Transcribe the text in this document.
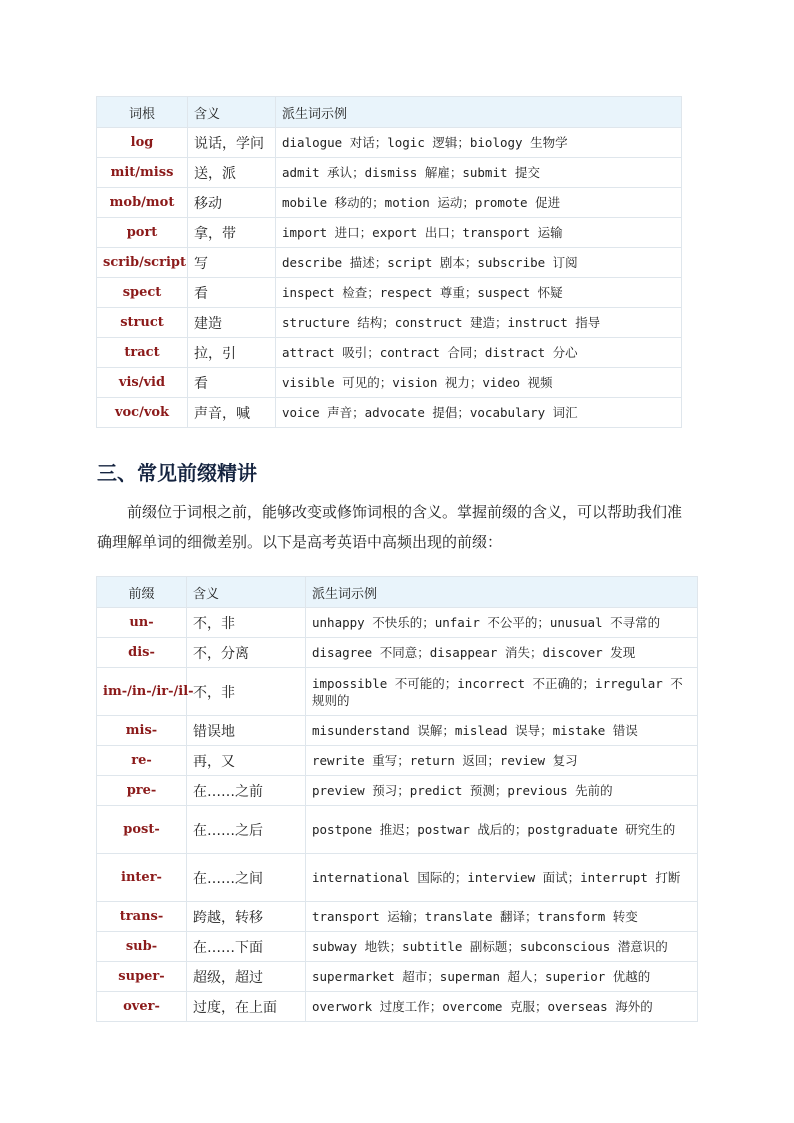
词根	含义	派生词示例
log	说话，学问	dialogue 对话；logic 逻辑；biology 生物学
mit/miss	送，派	admit 承认；dismiss 解雇；submit 提交
mob/mot	移动	mobile 移动的；motion 运动；promote 促进
port	拿，带	import 进口；export 出口；transport 运输
scrib/script	写	describe 描述；script 剧本；subscribe 订阅
spect	看	inspect 检查；respect 尊重；suspect 怀疑
struct	建造	structure 结构；construct 建造；instruct 指导
tract	拉，引	attract 吸引；contract 合同；distract 分心
vis/vid	看	visible 可见的；vision 视力；video 视频
voc/vok	声音，喊	voice 声音；advocate 提倡；vocabulary 词汇
三、常见前缀精讲

前缀位于词根之前，能够改变或修饰词根的含义。掌握前缀的含义，可以帮助我们准确理解单词的细微差别。以下是高考英语中高频出现的前缀：

前缀	含义	派生词示例
un-	不，非	unhappy 不快乐的；unfair 不公平的；unusual 不寻常的
dis-	不，分离	disagree 不同意；disappear 消失；discover 发现
im-/in-/ir-/il-	不，非	impossible 不可能的；incorrect 不正确的；irregular 不规则的
mis-	错误地	misunderstand 误解；mislead 误导；mistake 错误
re-	再，又	rewrite 重写；return 返回；review 复习
pre-	在……之前	preview 预习；predict 预测；previous 先前的
post-	在……之后	postpone 推迟；postwar 战后的；postgraduate 研究生的
inter-	在……之间	international 国际的；interview 面试；interrupt 打断
trans-	跨越，转移	transport 运输；translate 翻译；transform 转变
sub-	在……下面	subway 地铁；subtitle 副标题；subconscious 潜意识的
super-	超级，超过	supermarket 超市；superman 超人；superior 优越的
over-	过度，在上面	overwork 过度工作；overcome 克服；overseas 海外的
